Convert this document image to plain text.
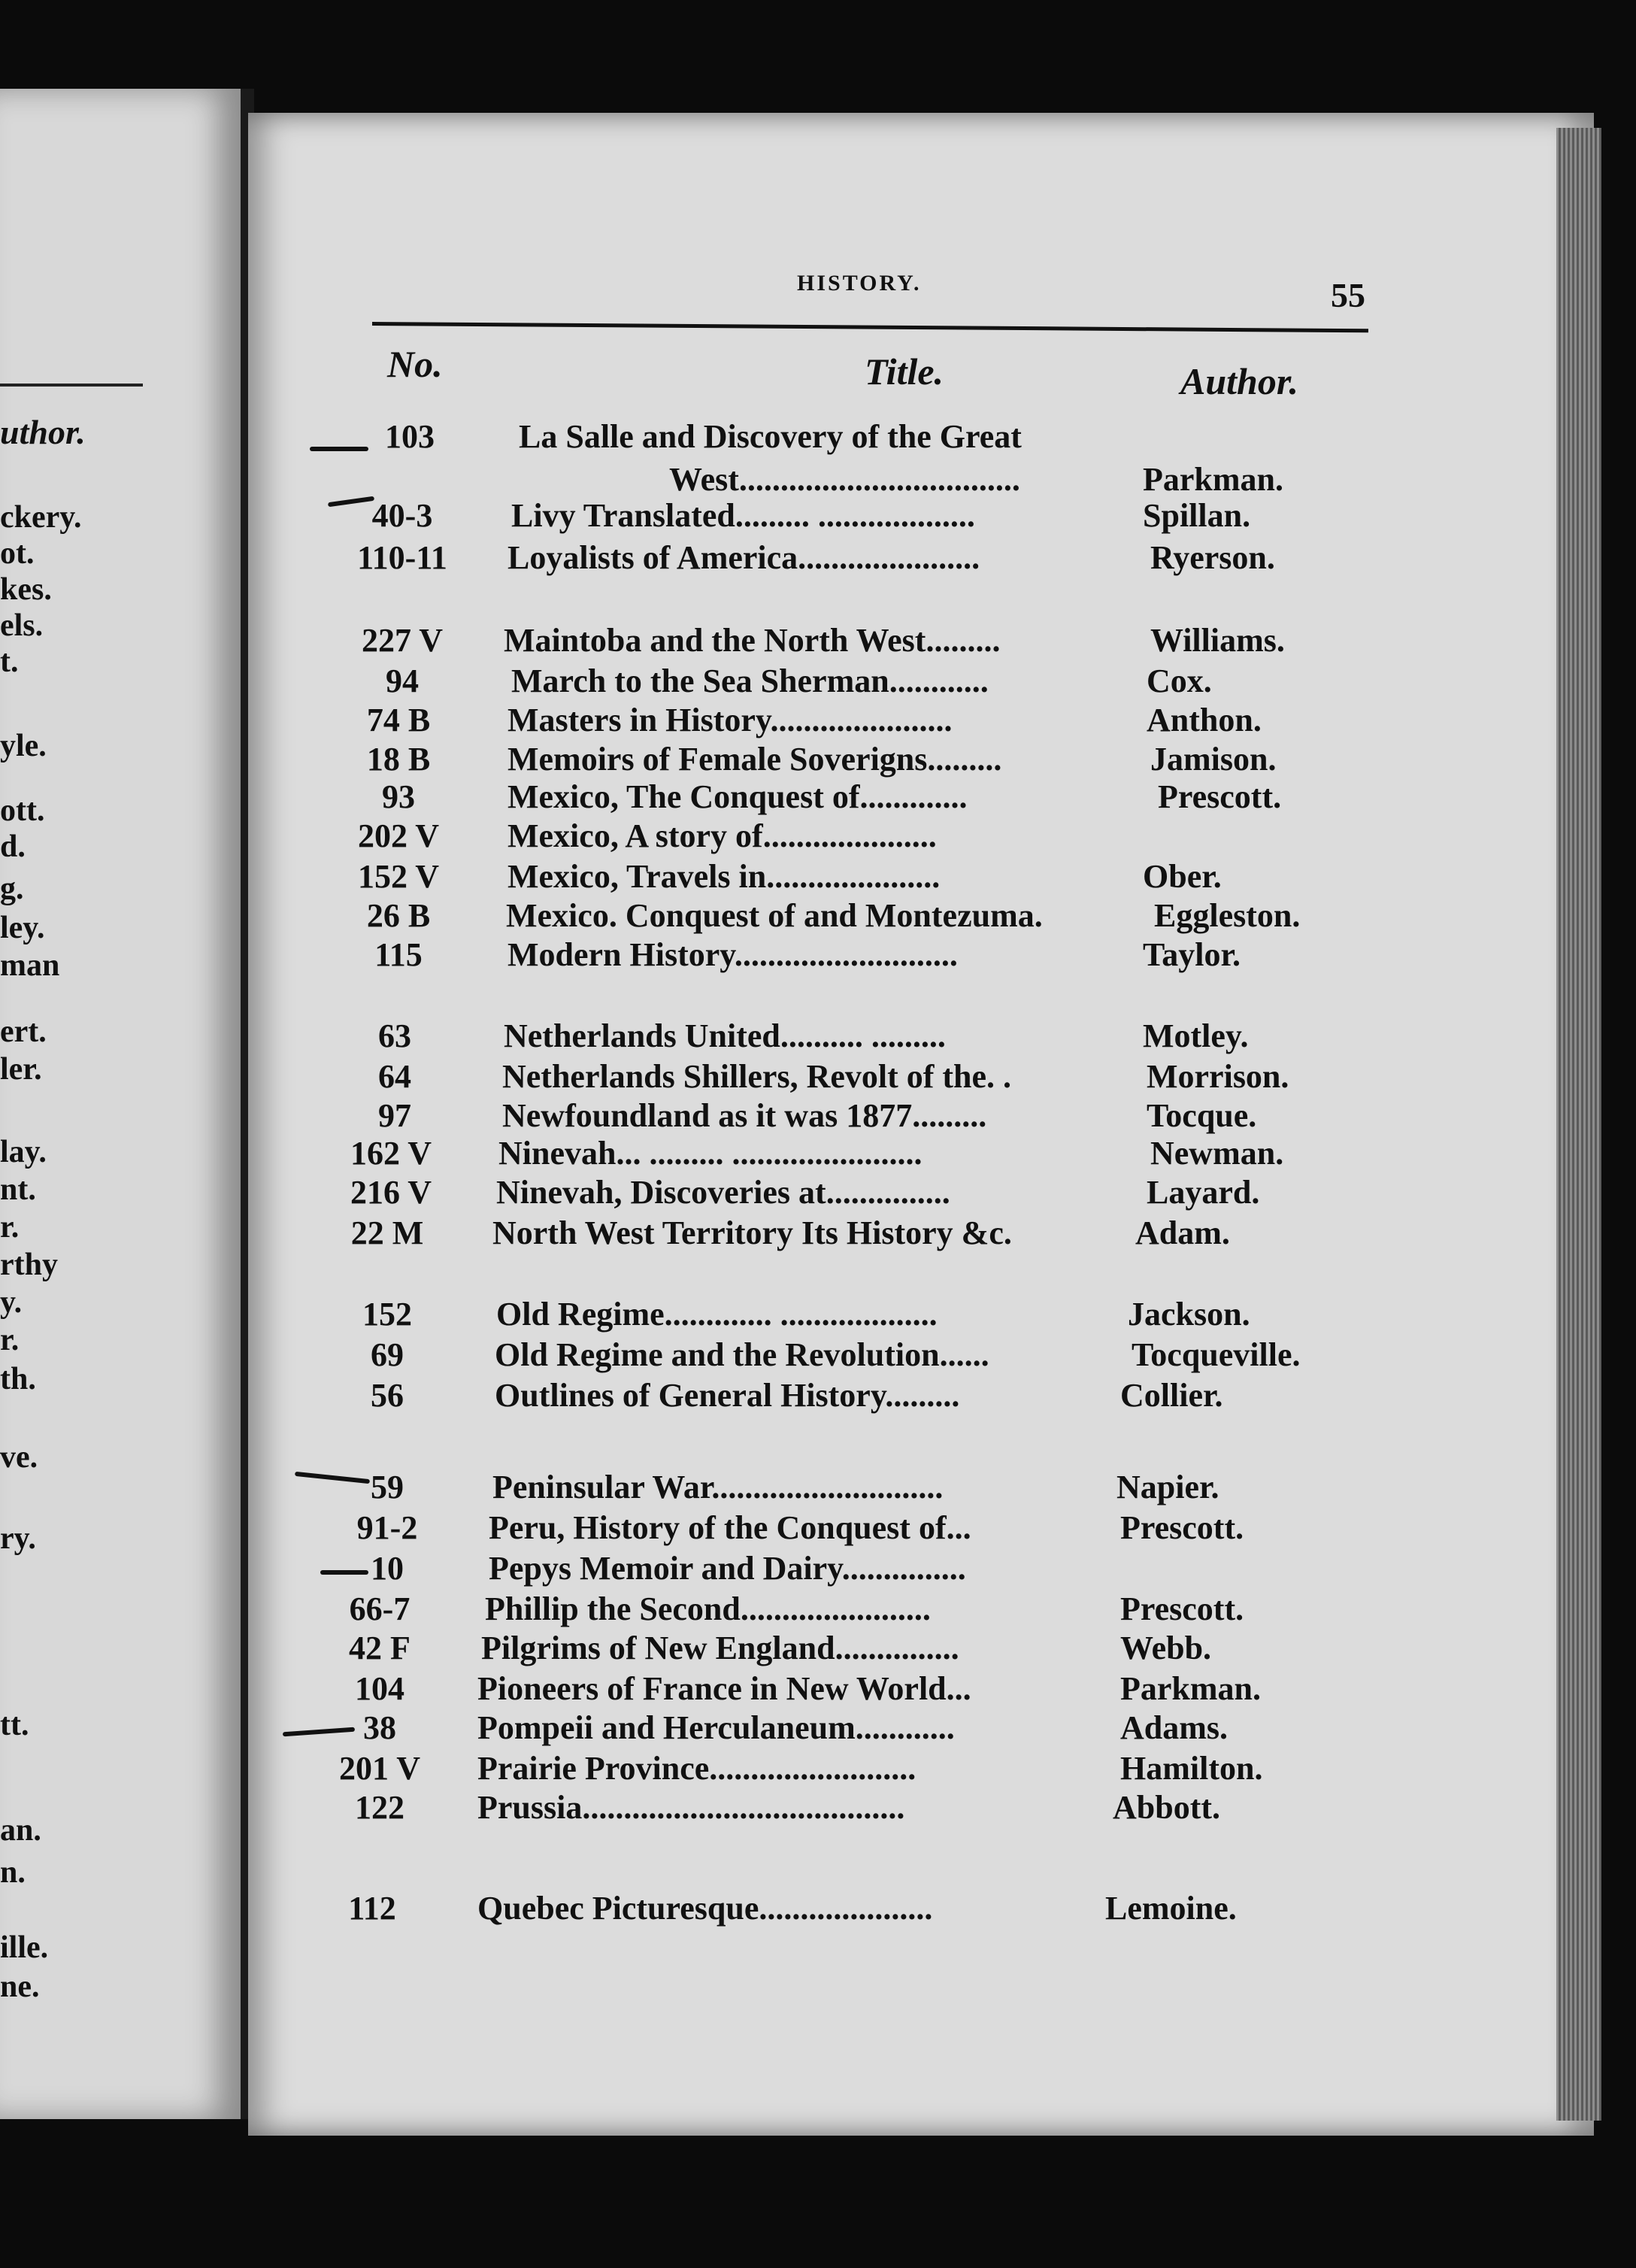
uthor.
ckery.
ot.
kes.
els.
t.
yle.
ott.
d.
g.
ley.
man
ert.
ler.
lay.
nt.
r.
rthy
y.
r.
th.
ve.
ry.
tt.
an.
n.
ille.
ne.
HISTORY.	55
No.	Title.	Author.
103	La Salle and Discovery of the Great
West..................................	Parkman.
40-3	Livy Translated......... ...................	Spillan.
110-11	Loyalists of America......................	Ryerson.
227 V	Maintoba and the North West.........	Williams.
94	March to the Sea Sherman............	Cox.
74 B	Masters in History......................	Anthon.
18 B	Memoirs of Female Soverigns.........	Jamison.
93	Mexico, The Conquest of.............	Prescott.
202 V	Mexico, A story of.....................
152 V	Mexico, Travels in.....................	Ober.
26 B	Mexico. Conquest of and Montezuma.	Eggleston.
115	Modern History...........................	Taylor.
63	Netherlands United.......... .........	Motley.
64	Netherlands Shillers, Revolt of the. .	Morrison.
97	Newfoundland as it was 1877.........	Tocque.
162 V	Ninevah... ......... .......................	Newman.
216 V	Ninevah, Discoveries at...............	Layard.
22 M	North West Territory Its History &c.	Adam.
152	Old Regime............. ...................	Jackson.
69	Old Regime and the Revolution......	Tocqueville.
56	Outlines of General History.........	Collier.
59	Peninsular War............................	Napier.
91-2	Peru, History of the Conquest of...	Prescott.
10	Pepys Memoir and Dairy...............
66-7	Phillip the Second.......................	Prescott.
42 F	Pilgrims of New England...............	Webb.
104	Pioneers of France in New World...	Parkman.
38	Pompeii and Herculaneum............	Adams.
201 V	Prairie Province.........................	Hamilton.
122	Prussia.......................................	Abbott.
112	Quebec Picturesque.....................	Lemoine.
